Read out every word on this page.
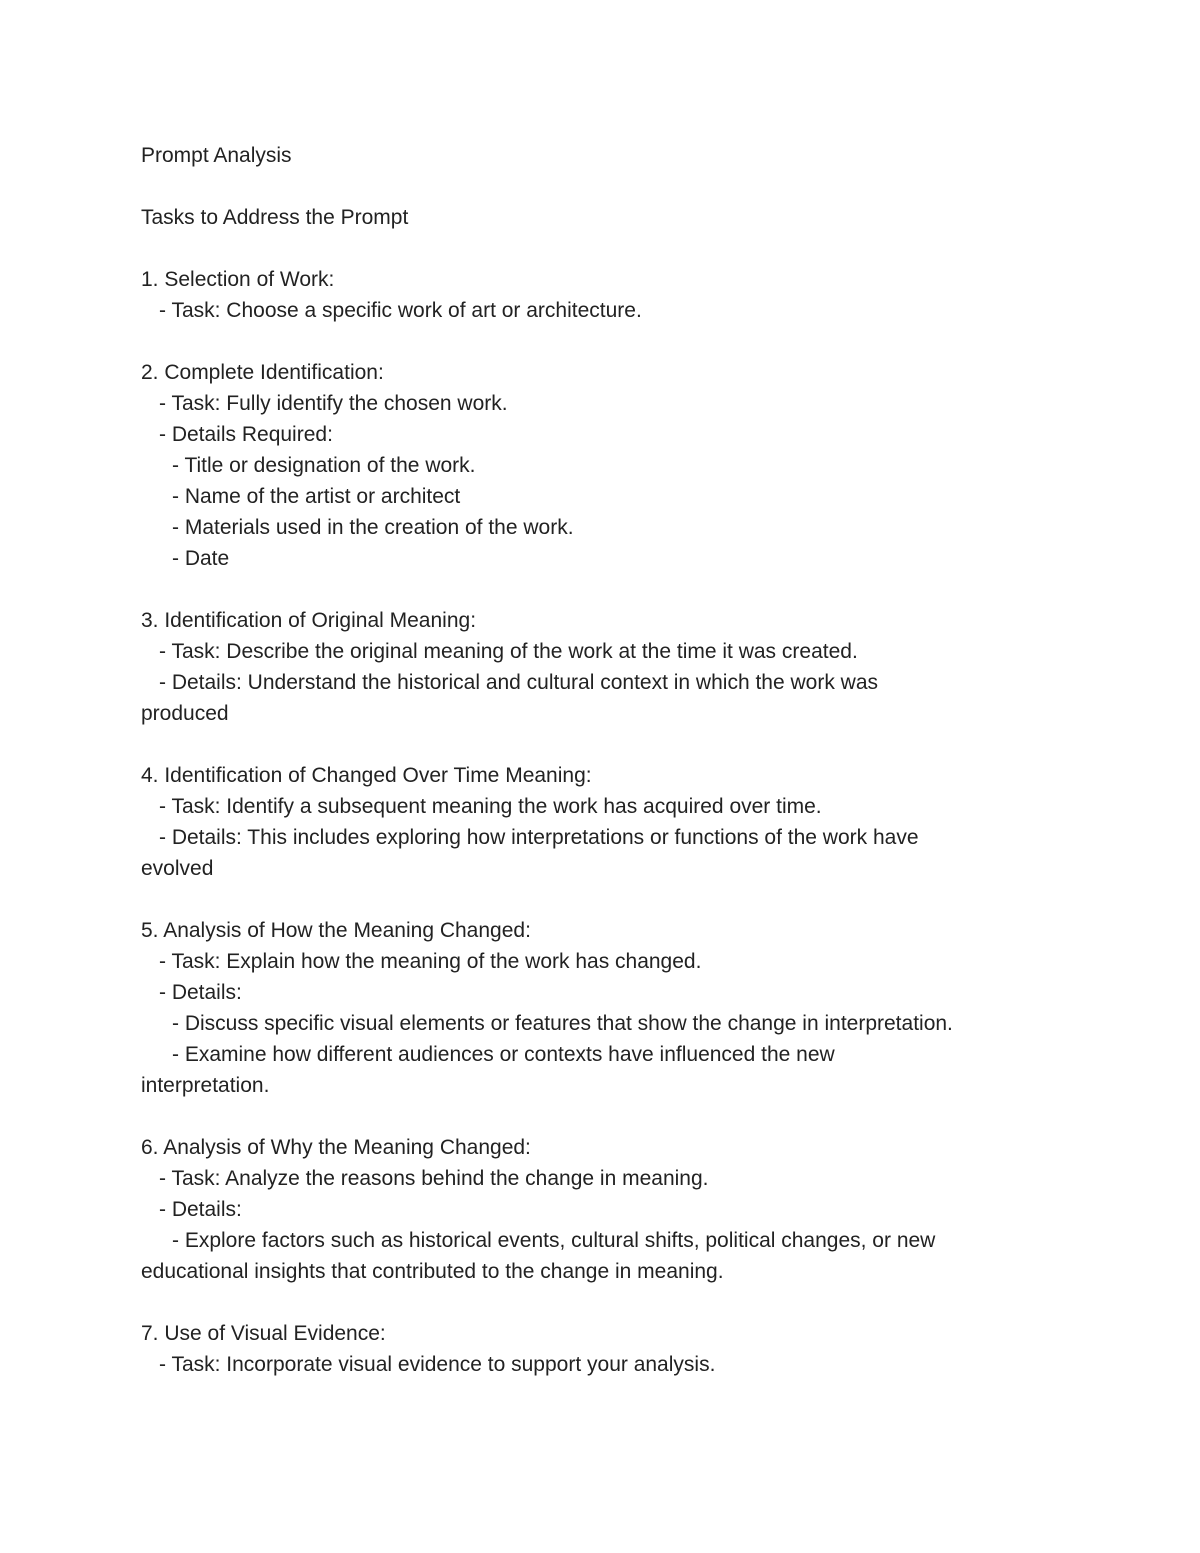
Prompt Analysis
Tasks to Address the Prompt
1. Selection of Work:
- Task: Choose a specific work of art or architecture.
2. Complete Identification:
- Task: Fully identify the chosen work.
- Details Required:
- Title or designation of the work.
- Name of the artist or architect
- Materials used in the creation of the work.
- Date
3. Identification of Original Meaning:
- Task: Describe the original meaning of the work at the time it was created.
- Details: Understand the historical and cultural context in which the work was
produced
4. Identification of Changed Over Time Meaning:
- Task: Identify a subsequent meaning the work has acquired over time.
- Details: This includes exploring how interpretations or functions of the work have
evolved
5. Analysis of How the Meaning Changed:
- Task: Explain how the meaning of the work has changed.
- Details:
- Discuss specific visual elements or features that show the change in interpretation.
- Examine how different audiences or contexts have influenced the new
interpretation.
6. Analysis of Why the Meaning Changed:
- Task: Analyze the reasons behind the change in meaning.
- Details:
- Explore factors such as historical events, cultural shifts, political changes, or new
educational insights that contributed to the change in meaning.
7. Use of Visual Evidence:
- Task: Incorporate visual evidence to support your analysis.
